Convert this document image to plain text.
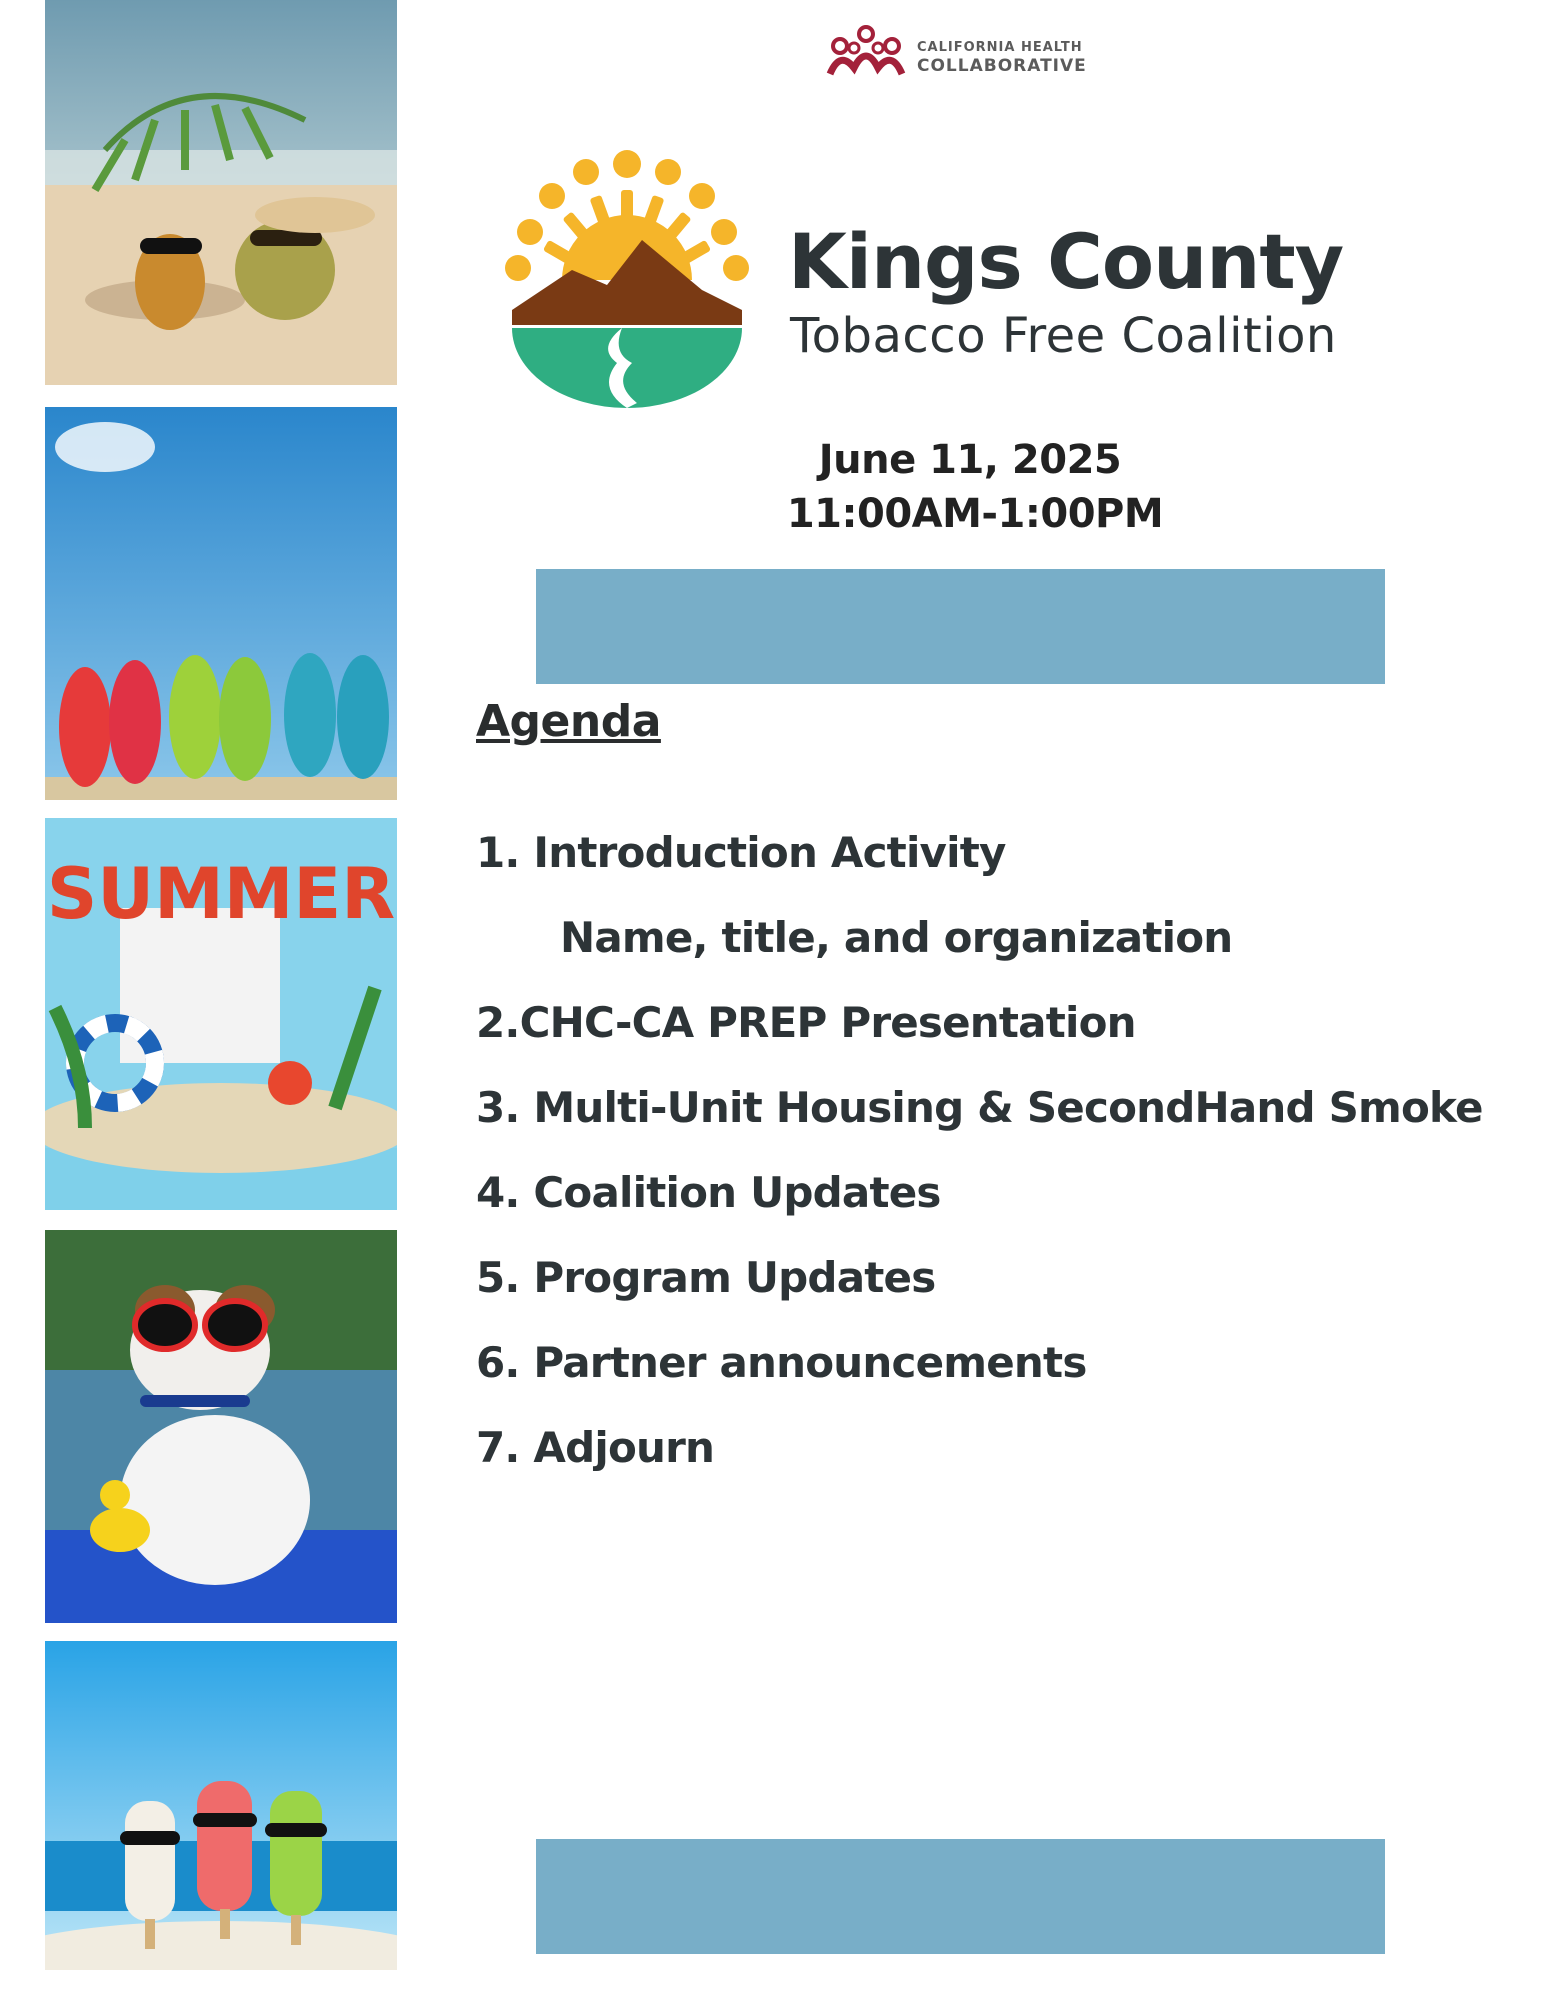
SUMMER
CALIFORNIA HEALTH
COLLABORATIVE
Kings County
Tobacco Free Coalition
June 11, 2025
11:00AM-1:00PM
Agenda
1. Introduction Activity
Name, title, and organization
2.CHC-CA PREP Presentation
3. Multi-Unit Housing & SecondHand Smoke
4. Coalition Updates
5. Program Updates
6. Partner announcements
7. Adjourn
